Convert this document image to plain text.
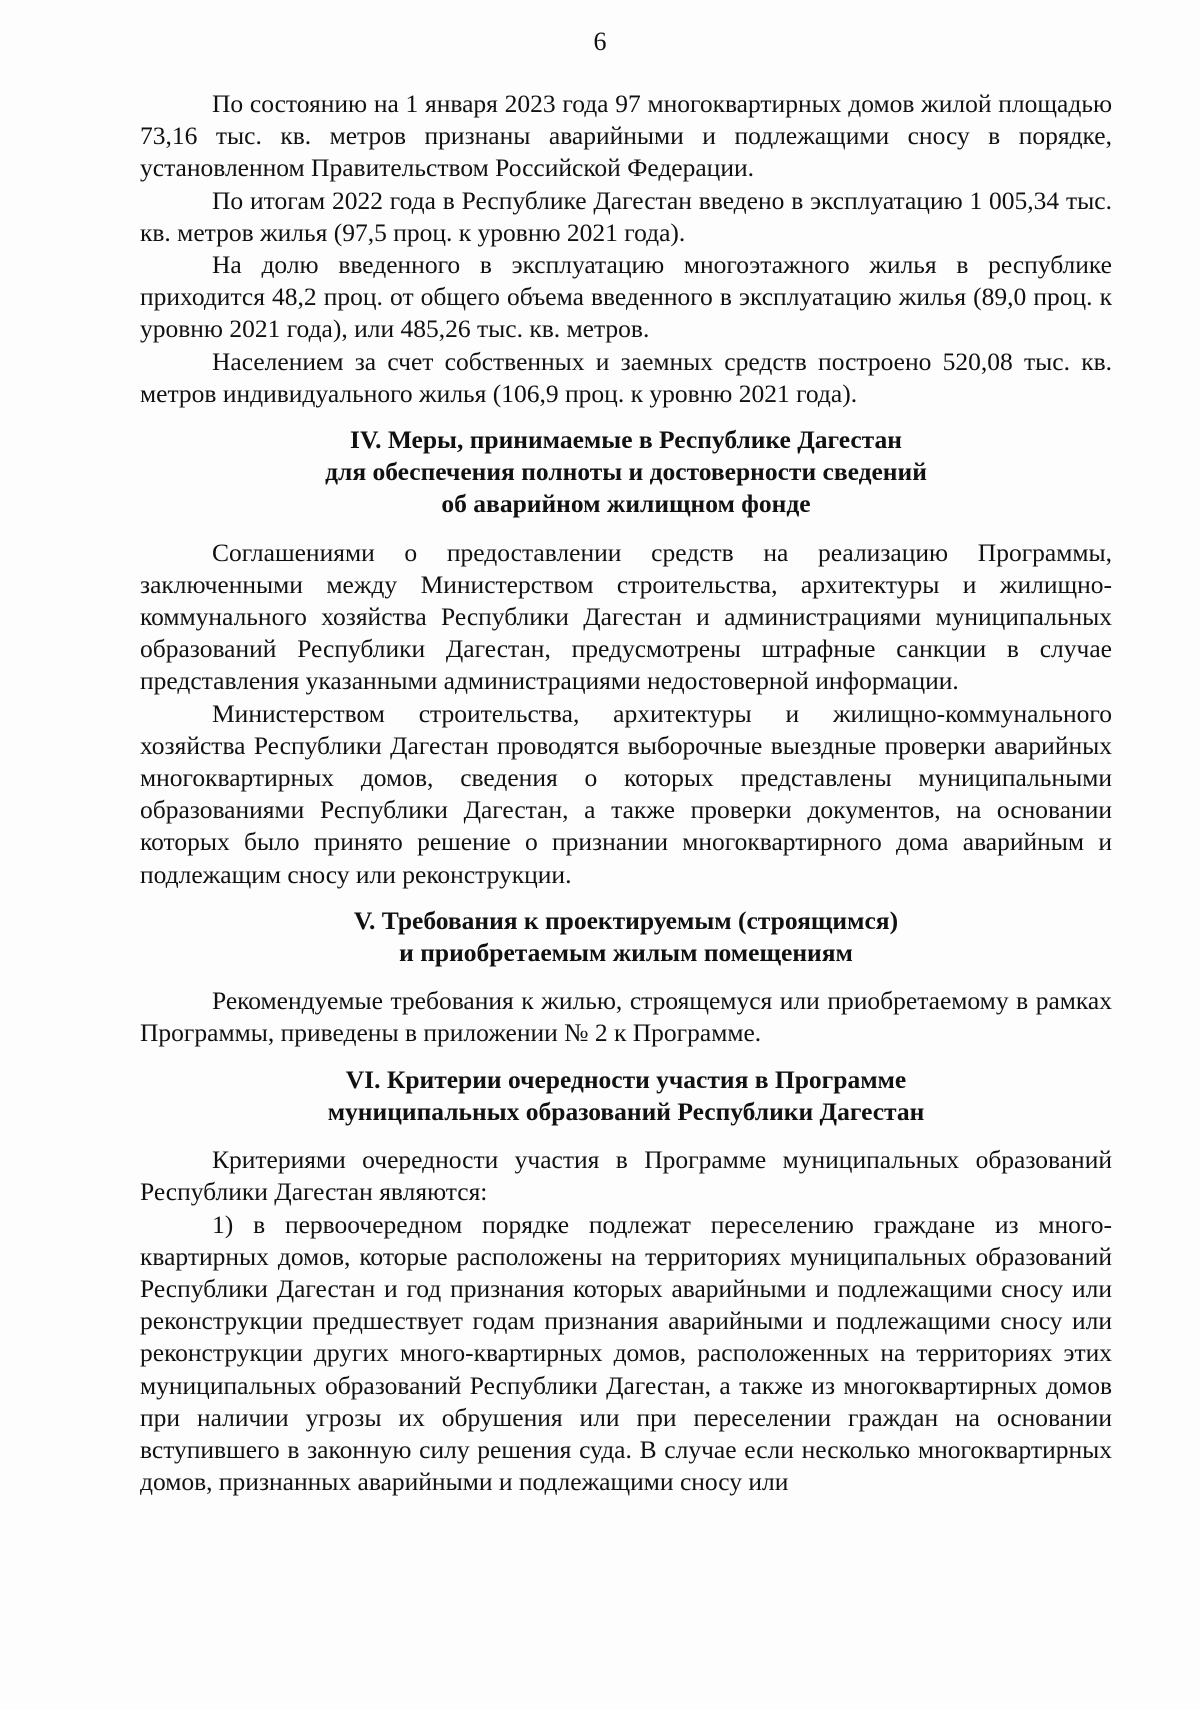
6

По состоянию на 1 января 2023 года 97 многоквартирных домов жилой площадью 73,16 тыс. кв. метров признаны аварийными и подлежащими сносу в порядке, установленном Правительством Российской Федерации.

По итогам 2022 года в Республике Дагестан введено в эксплуатацию 1 005,34 тыс. кв. метров жилья (97,5 проц. к уровню 2021 года).

На долю введенного в эксплуатацию многоэтажного жилья в республике приходится 48,2 проц. от общего объема введенного в эксплуатацию жилья (89,0 проц. к уровню 2021 года), или 485,26 тыс. кв. метров.

Населением за счет собственных и заемных средств построено 520,08 тыс. кв. метров индивидуального жилья (106,9 проц. к уровню 2021 года).

IV. Меры, принимаемые в Республике Дагестан
для обеспечения полноты и достоверности сведений
об аварийном жилищном фонде

Соглашениями о предоставлении средств на реализацию Программы, заключенными между Министерством строительства, архитектуры и жилищно-коммунального хозяйства Республики Дагестан и администрациями муниципальных образований Республики Дагестан, предусмотрены штрафные санкции в случае представления указанными администрациями недостоверной информации.

Министерством строительства, архитектуры и жилищно-коммунального хозяйства Республики Дагестан проводятся выборочные выездные проверки аварийных многоквартирных домов, сведения о которых представлены муниципальными образованиями Республики Дагестан, а также проверки документов, на основании которых было принято решение о признании многоквартирного дома аварийным и подлежащим сносу или реконструкции.

V. Требования к проектируемым (строящимся)
и приобретаемым жилым помещениям

Рекомендуемые требования к жилью, строящемуся или приобретаемому в рамках Программы, приведены в приложении № 2 к Программе.

VI. Критерии очередности участия в Программе
муниципальных образований Республики Дагестан

Критериями очередности участия в Программе муниципальных образований Республики Дагестан являются:

1) в первоочередном порядке подлежат переселению граждане из много-квартирных домов, которые расположены на территориях муниципальных образований Республики Дагестан и год признания которых аварийными и подлежащими сносу или реконструкции предшествует годам признания аварийными и подлежащими сносу или реконструкции других много-квартирных домов, расположенных на территориях этих муниципальных образований Республики Дагестан, а также из многоквартирных домов при наличии угрозы их обрушения или при переселении граждан на основании вступившего в законную силу решения суда. В случае если несколько многоквартирных домов, признанных аварийными и подлежащими сносу или
